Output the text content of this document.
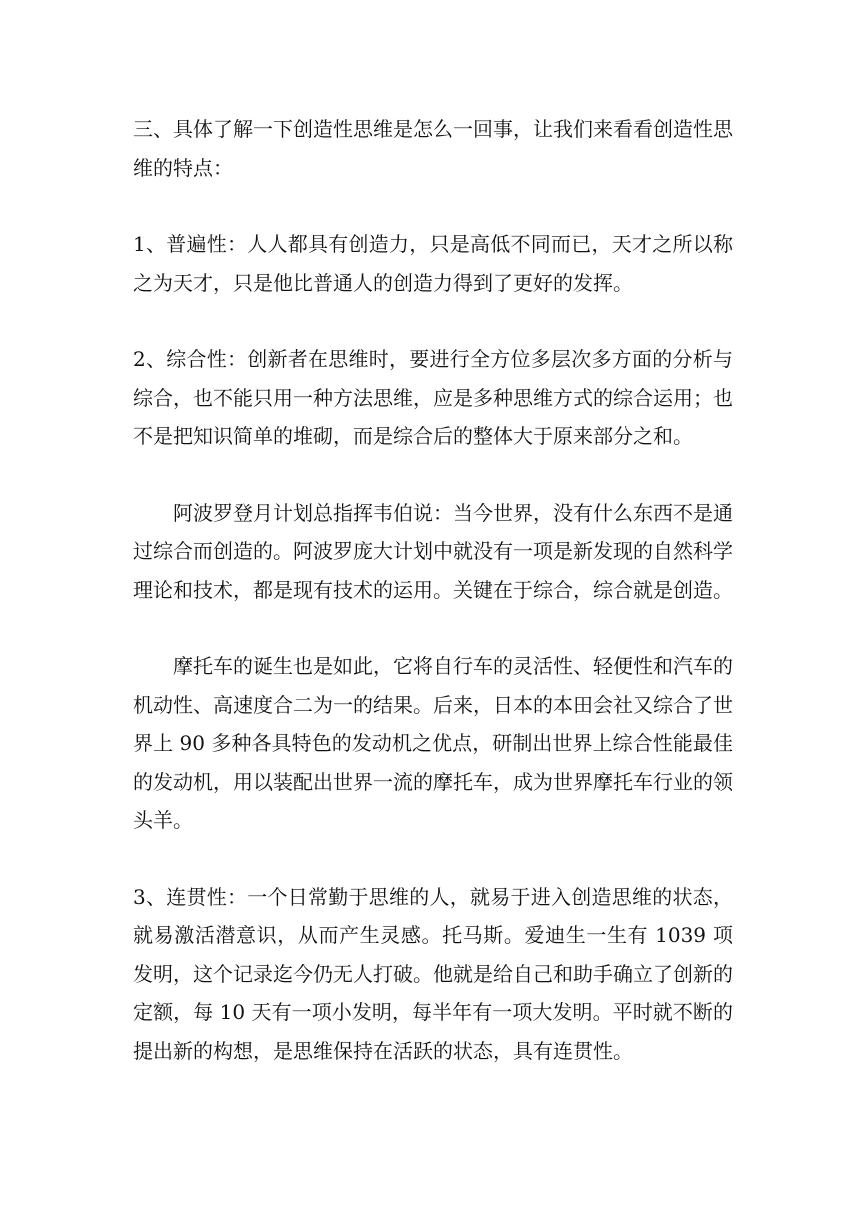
三、具体了解一下创造性思维是怎么一回事，让我们来看看创造性思维的特点：

1、普遍性：人人都具有创造力，只是高低不同而已，天才之所以称之为天才，只是他比普通人的创造力得到了更好的发挥。

2、综合性：创新者在思维时，要进行全方位多层次多方面的分析与综合，也不能只用一种方法思维，应是多种思维方式的综合运用；也不是把知识简单的堆砌，而是综合后的整体大于原来部分之和。

阿波罗登月计划总指挥韦伯说：当今世界，没有什么东西不是通过综合而创造的。阿波罗庞大计划中就没有一项是新发现的自然科学理论和技术，都是现有技术的运用。关键在于综合，综合就是创造。

摩托车的诞生也是如此，它将自行车的灵活性、轻便性和汽车的机动性、高速度合二为一的结果。后来，日本的本田会社又综合了世界上 90 多种各具特色的发动机之优点，研制出世界上综合性能最佳的发动机，用以装配出世界一流的摩托车，成为世界摩托车行业的领头羊。

3、连贯性：一个日常勤于思维的人，就易于进入创造思维的状态，就易激活潜意识，从而产生灵感。托马斯。爱迪生一生有 1039 项发明，这个记录迄今仍无人打破。他就是给自己和助手确立了创新的定额，每 10 天有一项小发明，每半年有一项大发明。平时就不断的提出新的构想，是思维保持在活跃的状态，具有连贯性。
